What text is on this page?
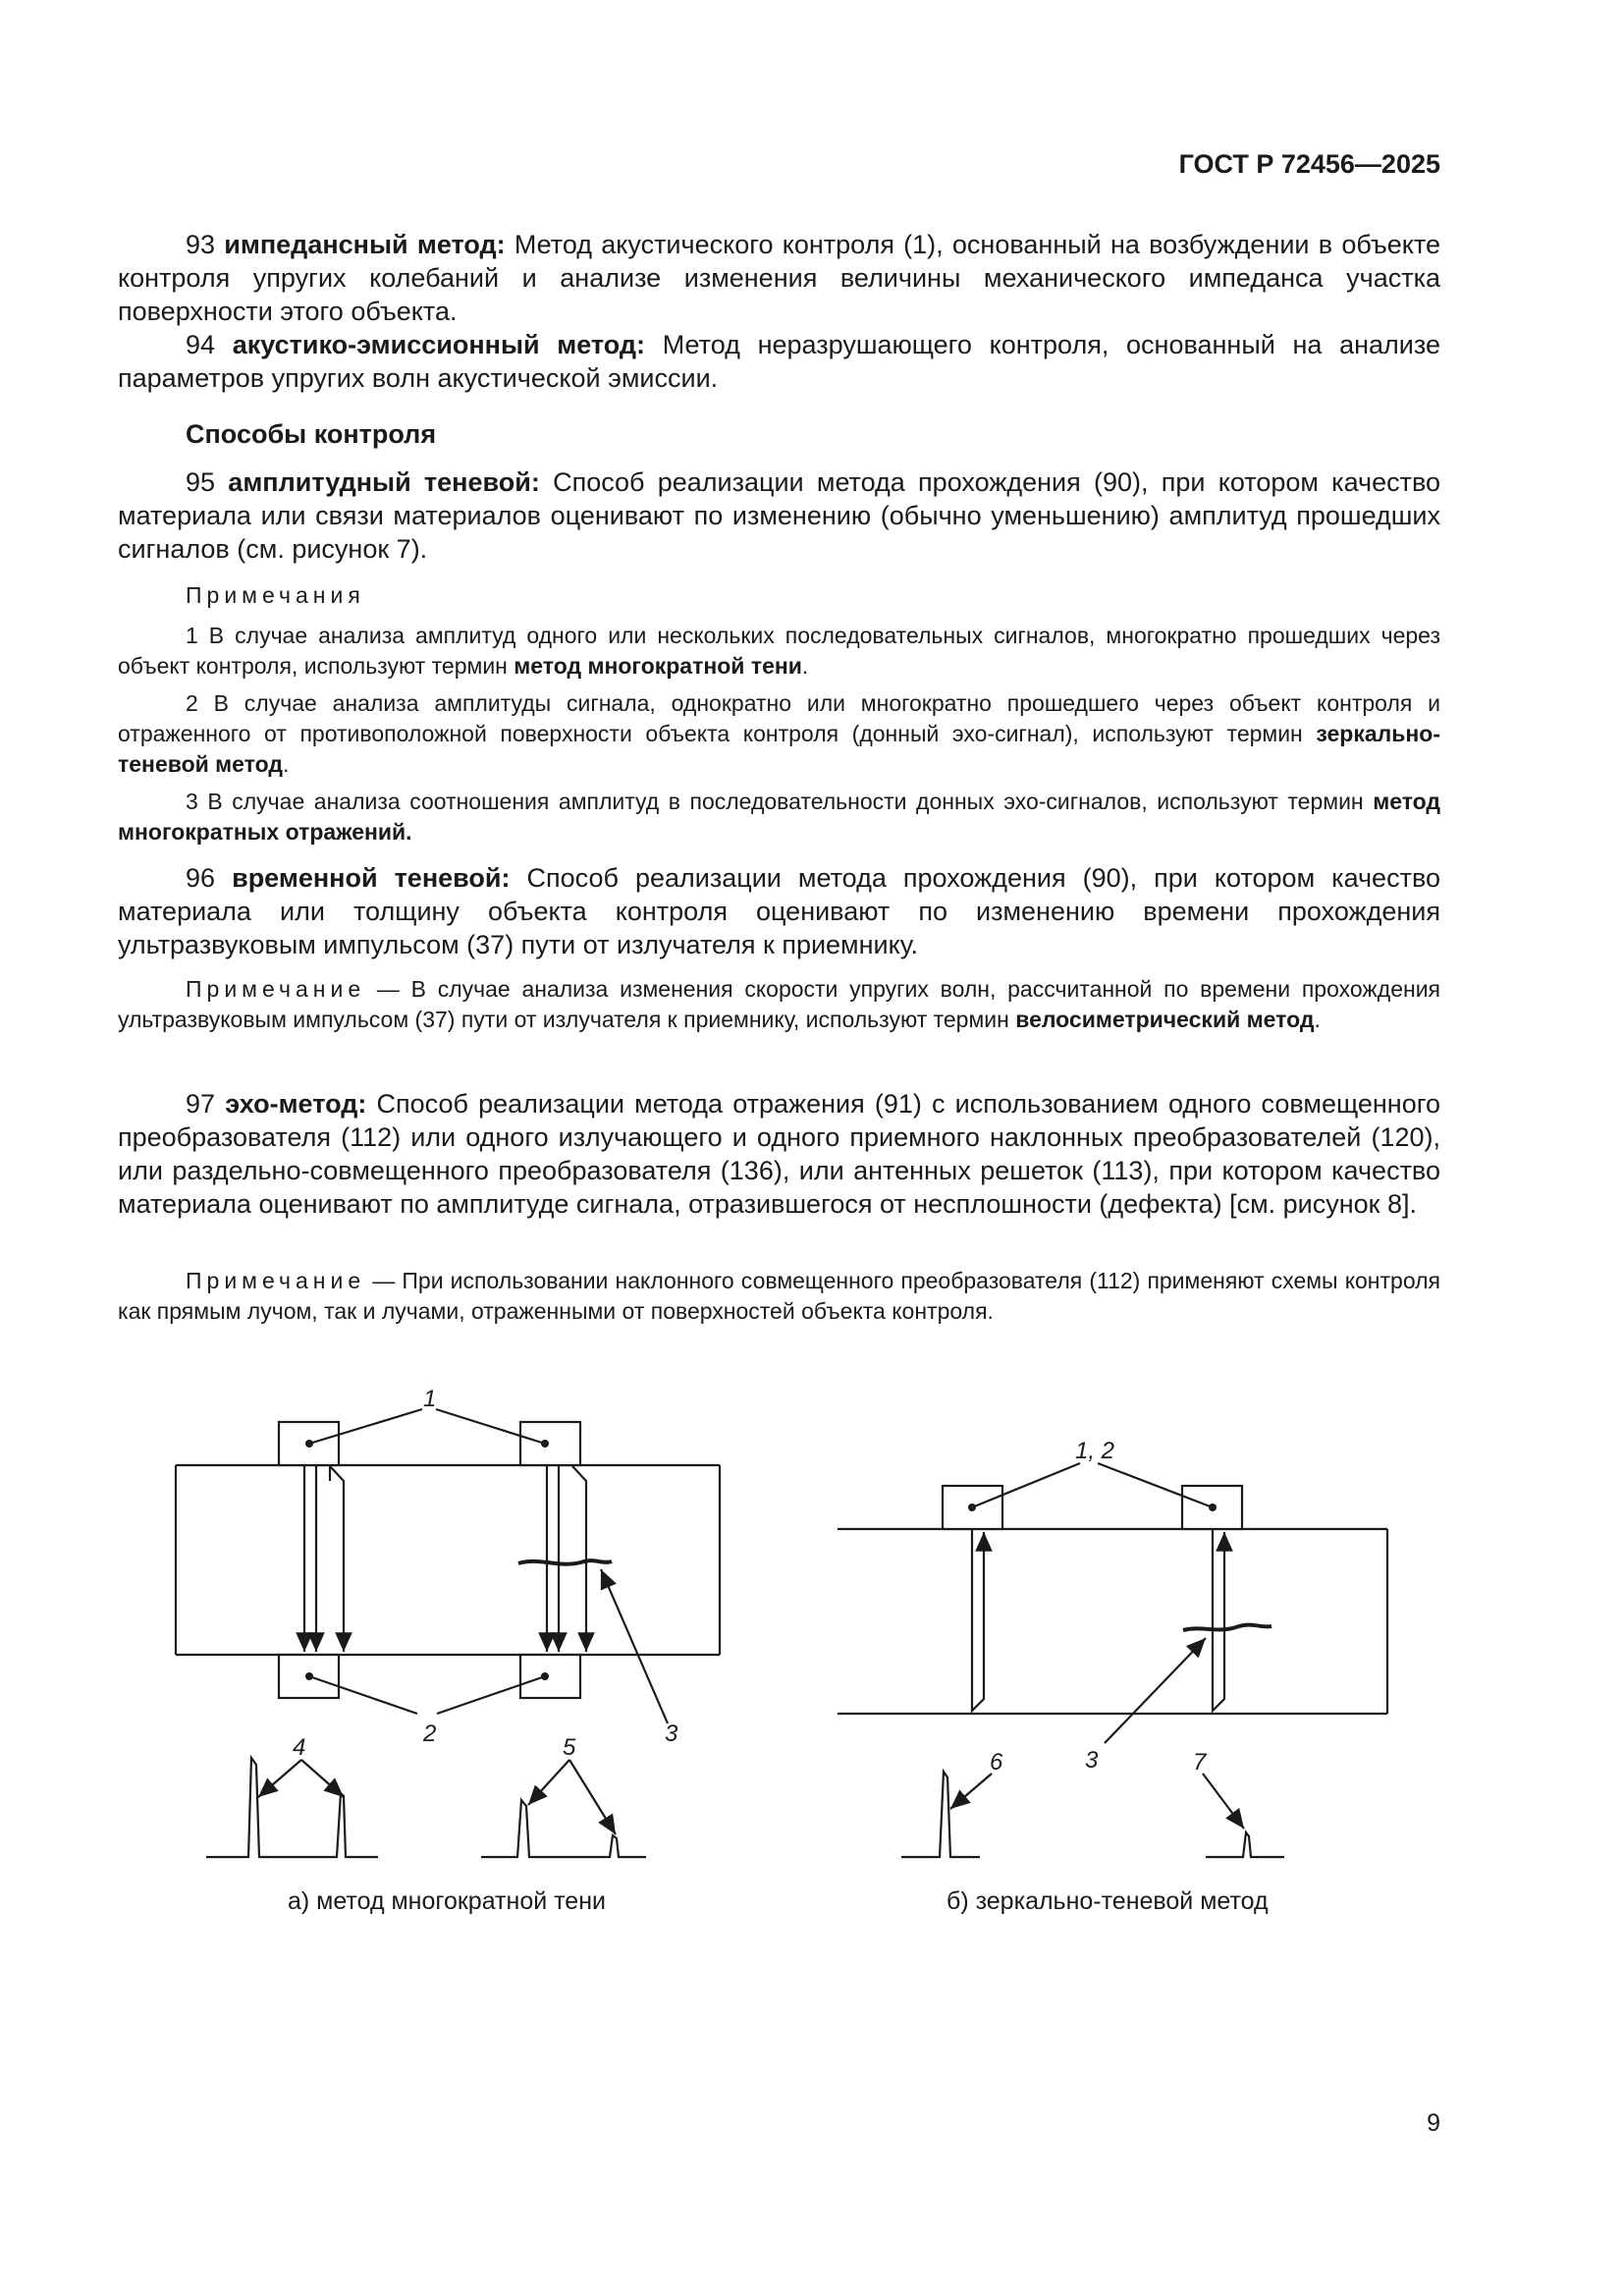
ГОСТ Р 72456—2025

93 импедансный метод: Метод акустического контроля (1), основанный на возбуждении в объекте контроля упругих колебаний и анализе изменения величины механического импеданса участка поверхности этого объекта.

94 акустико-эмиссионный метод: Метод неразрушающего контроля, основанный на анализе параметров упругих волн акустической эмиссии.

Способы контроля

95 амплитудный теневой: Способ реализации метода прохождения (90), при котором качество материала или связи материалов оценивают по изменению (обычно уменьшению) амплитуд прошедших сигналов (см. рисунок 7).

Примечания

1 В случае анализа амплитуд одного или нескольких последовательных сигналов, многократно прошедших через объект контроля, используют термин метод многократной тени.

2 В случае анализа амплитуды сигнала, однократно или многократно прошедшего через объект контроля и отраженного от противоположной поверхности объекта контроля (донный эхо-сигнал), используют термин зеркально-теневой метод.

3 В случае анализа соотношения амплитуд в последовательности донных эхо-сигналов, используют термин метод многократных отражений.

96 временной теневой: Способ реализации метода прохождения (90), при котором качество материала или толщину объекта контроля оценивают по изменению времени прохождения ультразвуковым импульсом (37) пути от излучателя к приемнику.

Примечание — В случае анализа изменения скорости упругих волн, рассчитанной по времени прохождения ультразвуковым импульсом (37) пути от излучателя к приемнику, используют термин велосиметрический метод.

97 эхо-метод: Способ реализации метода отражения (91) с использованием одного совмещенного преобразователя (112) или одного излучающего и одного приемного наклонных преобразователей (120), или раздельно-совмещенного преобразователя (136), или антенных решеток (113), при котором качество материала оценивают по амплитуде сигнала, отразившегося от несплошности (дефекта) [см. рисунок 8].

Примечание — При использовании наклонного совмещенного преобразователя (112) применяют схемы контроля как прямым лучом, так и лучами, отраженными от поверхностей объекта контроля.

1
2	3
4	5
1, 2
3
6	7
а) метод многократной тени	б) зеркально-теневой метод
9
